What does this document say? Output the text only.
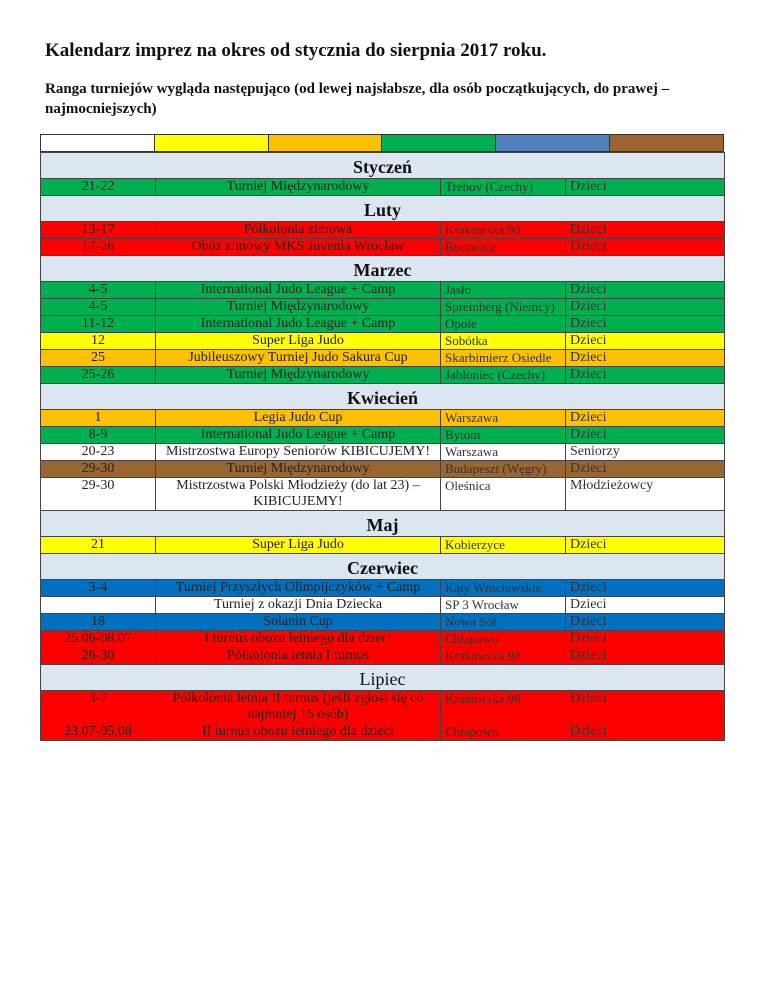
Kalendarz imprez na okres od stycznia do sierpnia 2017 roku.

Ranga turniejów wygląda następująco (od lewej najsłabsze, dla osób początkujących, do prawej – najmocniejszych)

Styczeń			
21-22	Turniej Międzynarodowy	Trebov (Czechy)	Dzieci
Luty			
13-17	Półkolonia zimowa	Krakowska 98	Dzieci
17-26	Obóz zimowy MKS Juvenia Wrocław	Borowice	Dzieci
Marzec			
4-5	International Judo League + Camp	Jasło	Dzieci
4-5	Turniej Międzynarodowy	Spremberg (Niemcy)	Dzieci
11-12	International Judo League + Camp	Opole	Dzieci
12	Super Liga Judo	Sobótka	Dzieci
25	Jubileuszowy Turniej Judo Sakura Cup	Skarbimierz Osiedle	Dzieci
25-26	Turniej Międzynarodowy	Jabloniec (Czechy)	Dzieci
Kwiecień			
1	Legia Judo Cup	Warszawa	Dzieci
8-9	International Judo League + Camp	Bytom	Dzieci
20-23	Mistrzostwa Europy Seniorów KIBICUJEMY!	Warszawa	Seniorzy
29-30	Turniej Międzynarodowy	Budapeszt (Węgry)	Dzieci
29-30	Mistrzostwa Polski Młodzieży (do lat 23) – KIBICUJEMY!	Oleśnica	Młodzieżowcy
Maj			
21	Super Liga Judo	Kobierzyce	Dzieci
Czerwiec			
3-4	Turniej Przyszłych Olimpijczyków + Camp	Kąty Wrocławskie	Dzieci
	Turniej z okazji Dnia Dziecka	SP 3 Wrocław	Dzieci
18	Solanin Cup	Nowa Sól	Dzieci
25.06-08.07	I turnus obozu letniego dla dzieci	Chłapowo	Dzieci
26-30	Półkolonia letnia I turnus	Krakowska 98	Dzieci
Lipiec			
3-7	Półkolonia letnia II turnus (jeśli zgłosi się co najmniej 15 osób)	Krakowska 98	Dzieci
23.07-05.08	II turnus obozu letniego dla dzieci	Chłapowo	Dzieci
